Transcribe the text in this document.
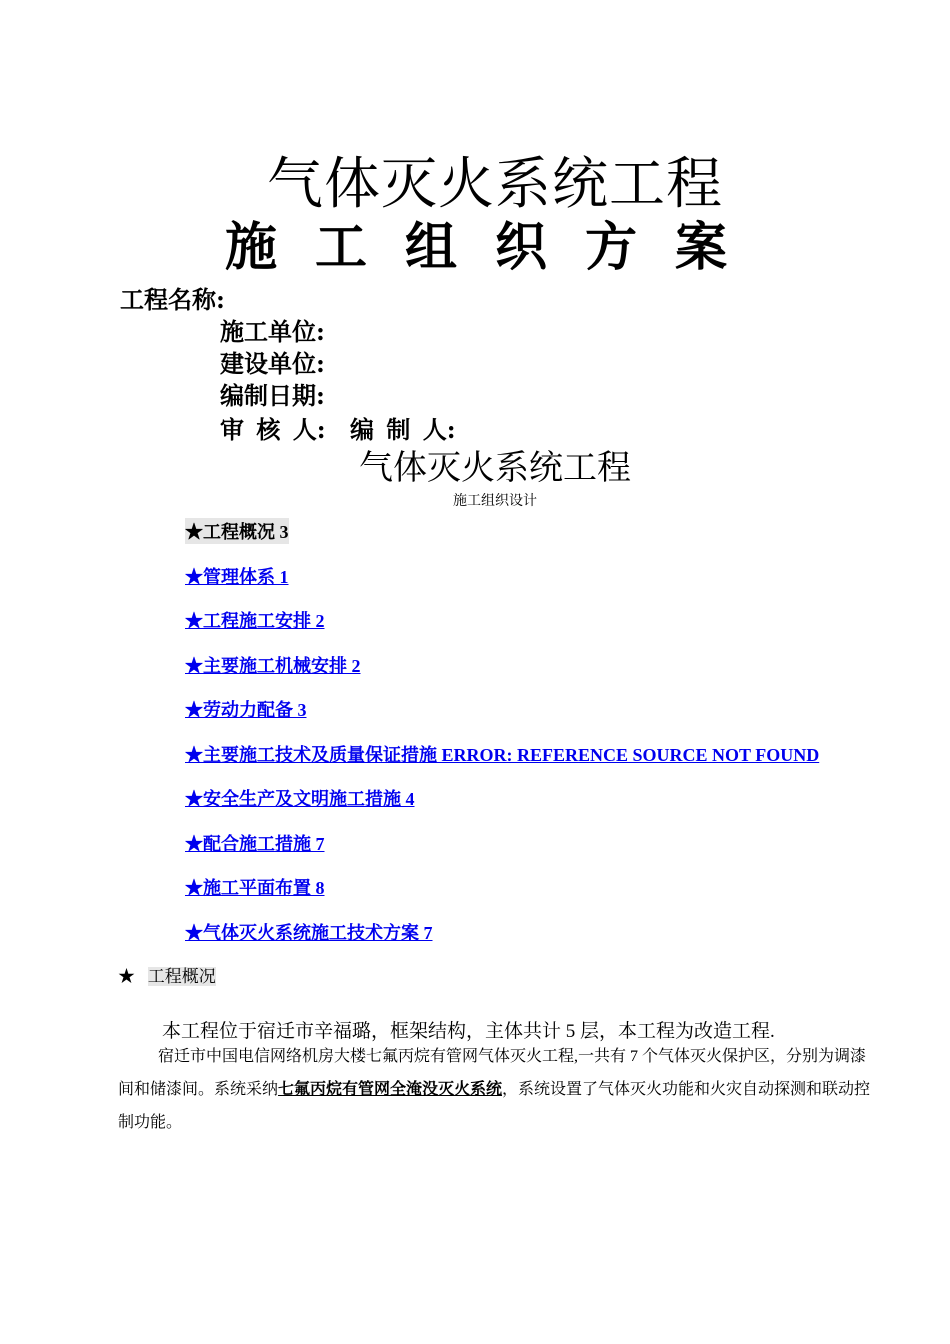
气体灭火系统工程
施工组织方案
工程名称:
施工单位:
建设单位:
编制日期:
审 核 人: 编 制 人:
气体灭火系统工程
施工组织设计
★工程概况 3
★管理体系 1
★工程施工安排 2
★主要施工机械安排 2
★劳动力配备 3
★主要施工技术及质量保证措施 ERROR: REFERENCE SOURCE NOT FOUND
★安全生产及文明施工措施 4
★配合施工措施 7
★施工平面布置 8
★气体灭火系统施工技术方案 7
★ 工程概况
本工程位于宿迁市辛福璐，框架结构，主体共计 5 层，本工程为改造工程.
宿迁市中国电信网络机房大楼七氟丙烷有管网气体灭火工程,一共有 7 个气体灭火保护区，分别为调漆间和储漆间。系统采纳七氟丙烷有管网全淹没灭火系统，系统设置了气体灭火功能和火灾自动探测和联动控制功能。
